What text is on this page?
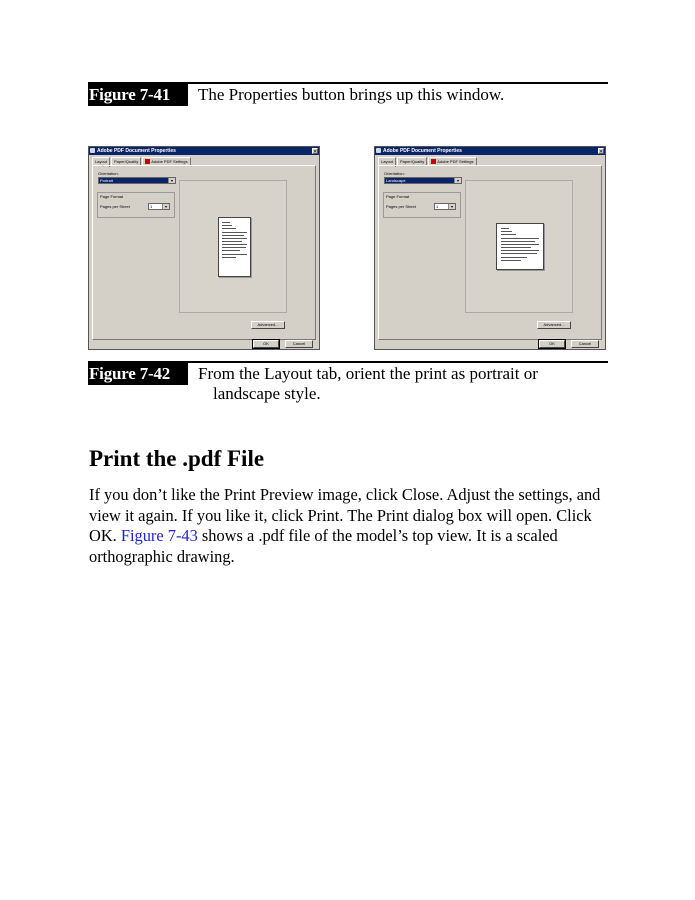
Figure 7-41	The Properties button brings up this window.
Adobe PDF Document Properties	✕
Layout	Paper/Quality	Adobe PDF Settings
Orientation:
Portrait	▾
Page Format
Pages per Sheet	1	▾
Advanced...
OK	Cancel
Adobe PDF Document Properties	✕
Layout	Paper/Quality	Adobe PDF Settings
Orientation:
Landscape	▾
Page Format
Pages per Sheet	1	▾
Advanced...
OK	Cancel
Figure 7-42	From the Layout tab, orient the print as portrait or
landscape style.
Print the .pdf File
If you don’t like the Print Preview image, click Close. Adjust the settings, and view it again. If you like it, click Print. The Print dialog box will open. Click OK. Figure 7-43 shows a .pdf file of the model’s top view. It is a scaled orthographic drawing.
